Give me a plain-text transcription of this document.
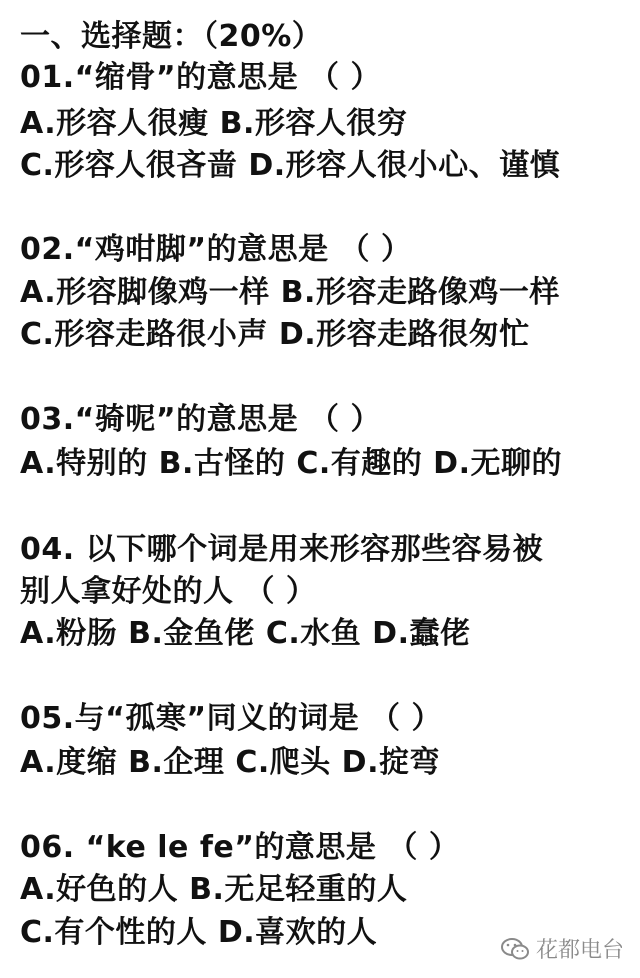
一、选择题：（20%）
01.“缩骨”的意思是 （ ）
A.形容人很瘦 B.形容人很穷
C.形容人很吝啬 D.形容人很小心、谨慎
02.“鸡咁脚”的意思是 （ ）
A.形容脚像鸡一样 B.形容走路像鸡一样
C.形容走路很小声 D.形容走路很匆忙
03.“骑呢”的意思是 （ ）
A.特别的 B.古怪的 C.有趣的 D.无聊的
04. 以下哪个词是用来形容那些容易被
别人拿好处的人 （ ）
A.粉肠 B.金鱼佬 C.水鱼 D.蠢佬
05.与“孤寒”同义的词是 （ ）
A.度缩 B.企理 C.爬头 D.掟弯
06. “ke le fe”的意思是 （ ）
A.好色的人 B.无足轻重的人
C.有个性的人 D.喜欢的人
花都电台
